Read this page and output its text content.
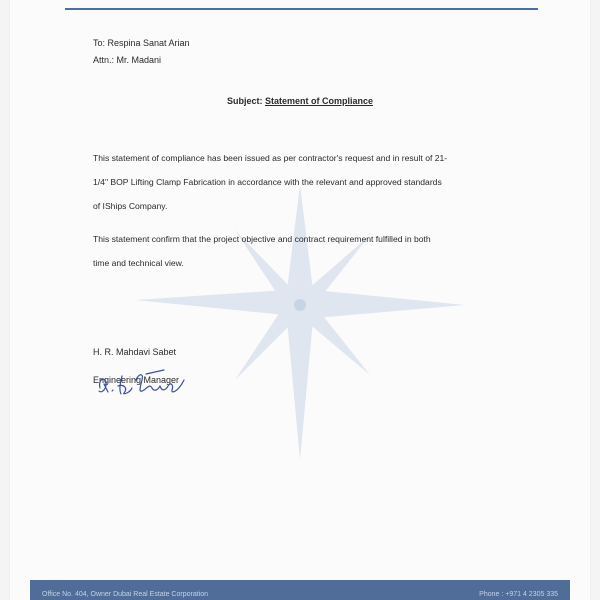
To: Respina Sanat Arian
Attn.: Mr. Madani
Subject: Statement of Compliance
This statement of compliance has been issued as per contractor's request and in result of 21-
1/4" BOP Lifting Clamp Fabrication in accordance with the relevant and approved standards
of IShips Company.
This statement confirm that the project objective and contract requirement fulfilled in both
time and technical view.
H. R. Mahdavi Sabet
Engineering Manager
Office No. 404, Owner Dubai Real Estate Corporation	Phone : +971 4 2305 335
